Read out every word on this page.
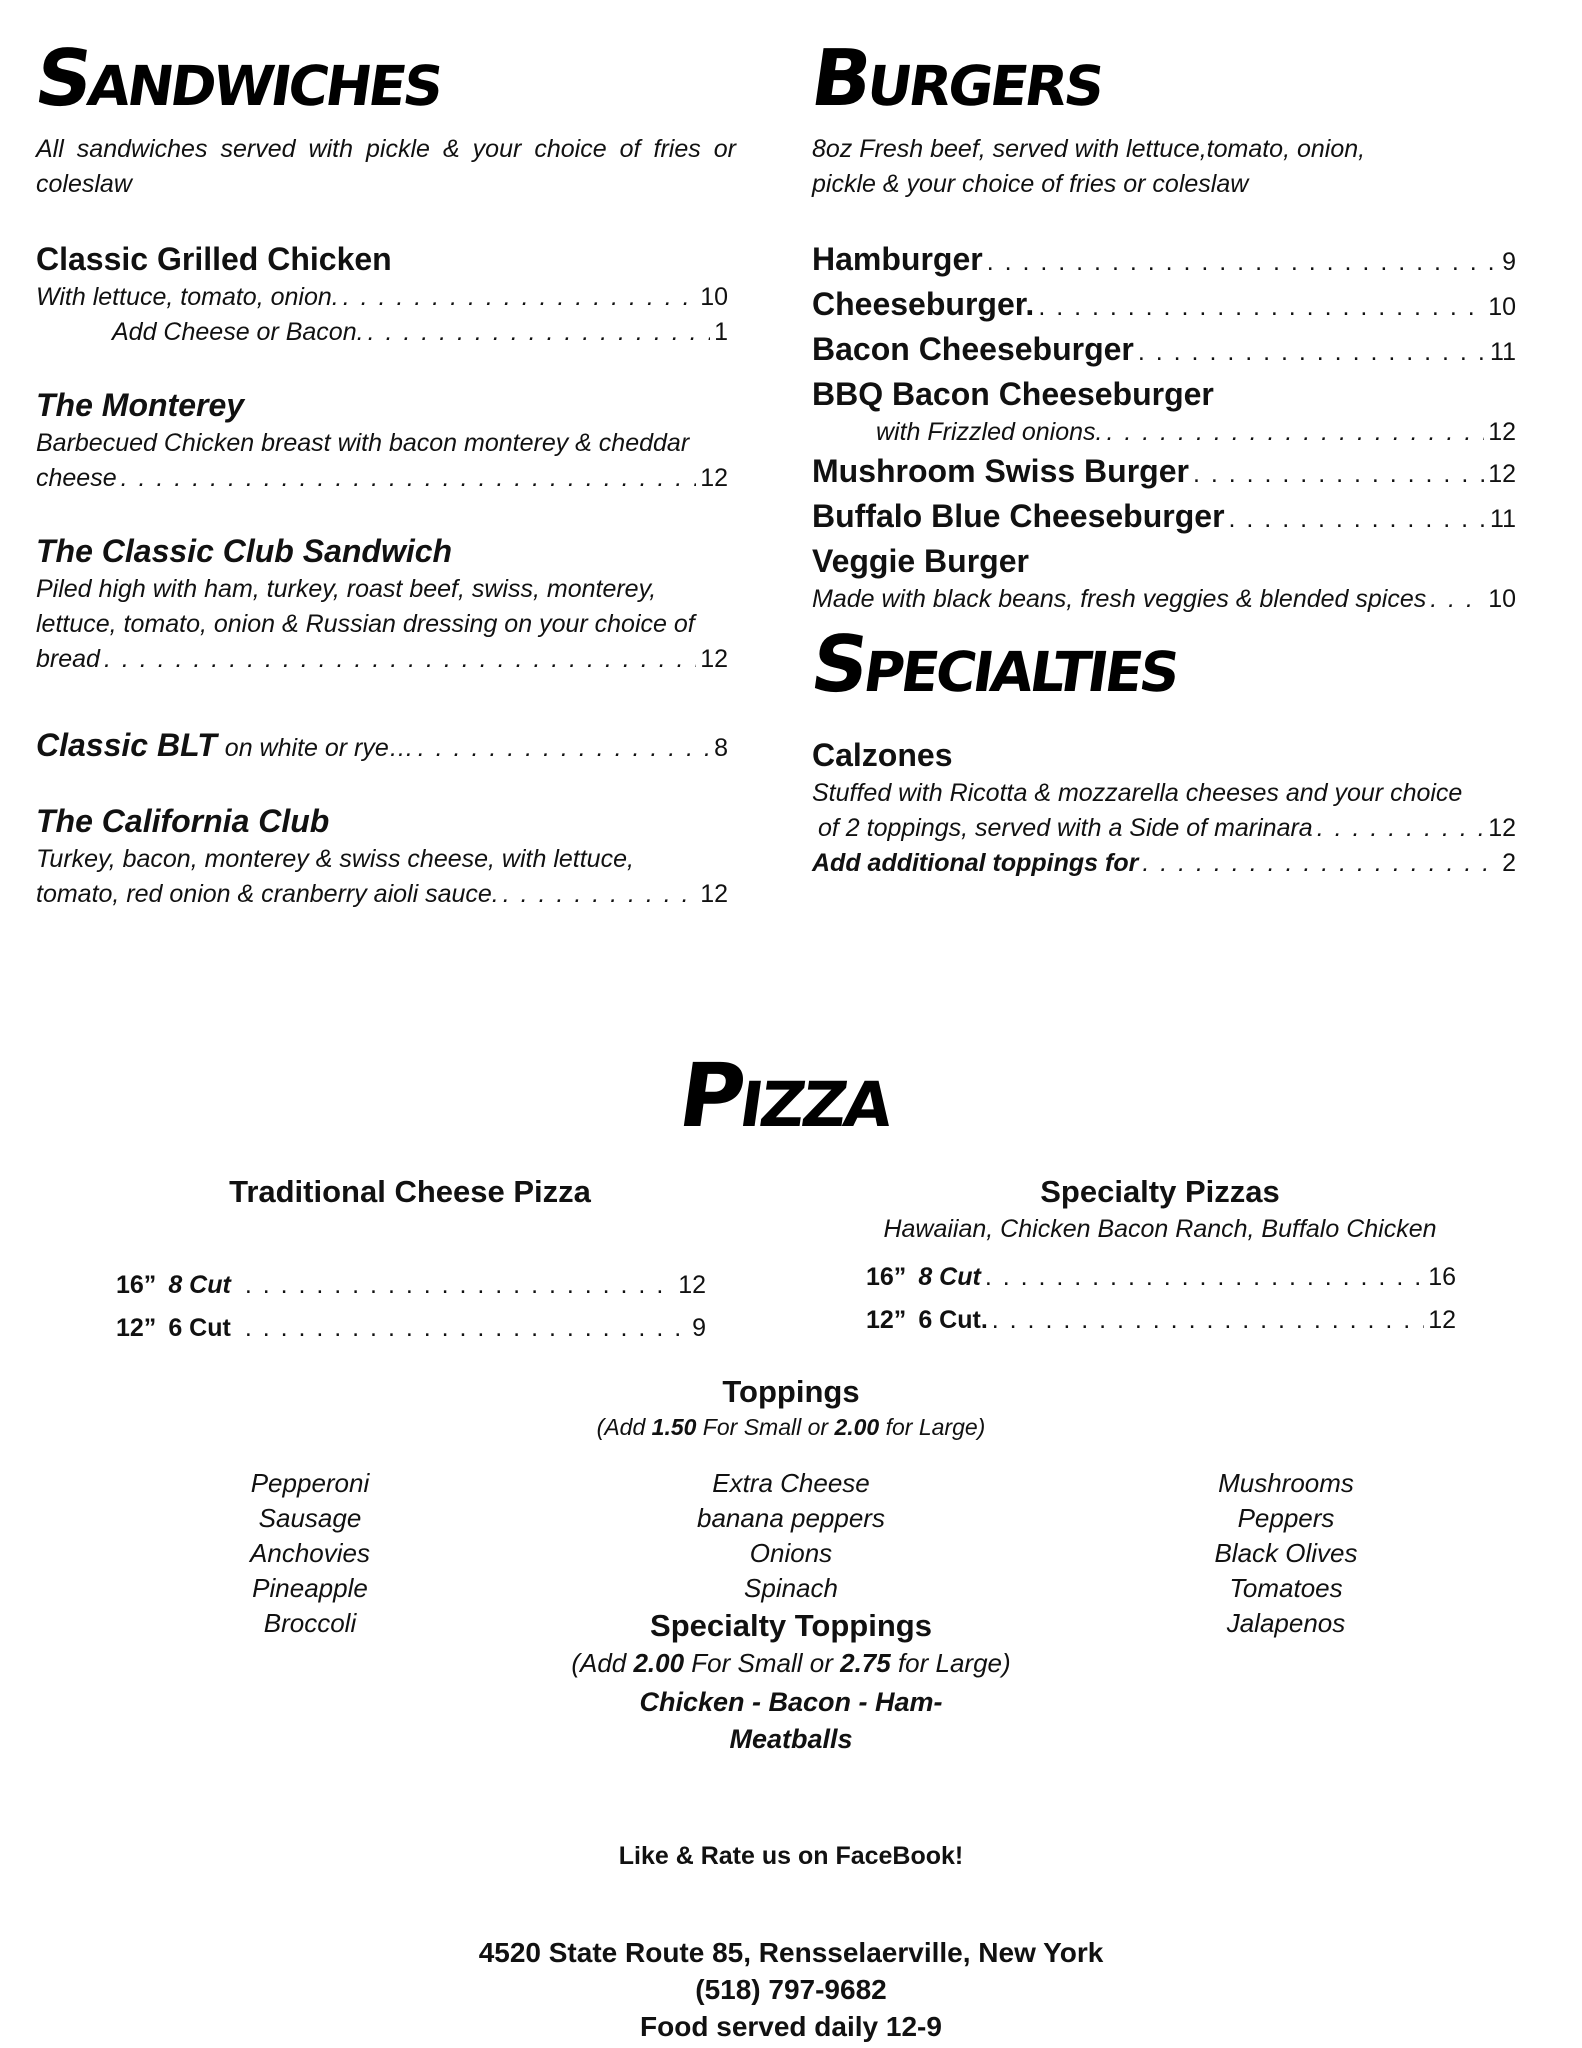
Sandwiches
All sandwiches served with pickle & your choice of fries or coleslaw
Classic Grilled Chicken
With lettuce, tomato, onion. . . .	10
Add Cheese or Bacon. . . .	1
The Monterey
Barbecued Chicken breast with bacon monterey & cheddar
cheese . . .	12
The Classic Club Sandwich
Piled high with ham, turkey, roast beef, swiss, monterey,
lettuce, tomato, onion & Russian dressing on your choice of
bread . . .	12
Classic BLT on white or rye… . . .	8
The California Club
Turkey, bacon, monterey & swiss cheese, with lettuce,
tomato, red onion & cranberry aioli sauce. . . .	12
Burgers
8oz Fresh beef, served with lettuce,tomato, onion,
pickle & your choice of fries or coleslaw
Hamburger . . .	9
Cheeseburger. . . .	10
Bacon Cheeseburger . . .	11
BBQ Bacon Cheeseburger
with Frizzled onions. . . .	12
Mushroom Swiss Burger . . .	12
Buffalo Blue Cheeseburger . . .	11
Veggie Burger
Made with black beans, fresh veggies & blended spices . . . 10
Specialties
Calzones
Stuffed with Ricotta & mozzarella cheeses and your choice
of 2 toppings, served with a Side of marinara . . .	12
Add additional toppings for . . .	2
Pizza
Traditional Cheese Pizza
16” 8 Cut . . .	12
12” 6 Cut . . .	9
Specialty Pizzas
Hawaiian, Chicken Bacon Ranch, Buffalo Chicken
16” 8 Cut . . .	16
12” 6 Cut. . . .	12
Toppings
(Add 1.50 For Small or 2.00 for Large)
Pepperoni
Sausage
Anchovies
Pineapple
Broccoli
Extra Cheese
banana peppers
Onions
Spinach
Mushrooms
Peppers
Black Olives
Tomatoes
Jalapenos
Specialty Toppings
(Add 2.00 For Small or 2.75 for Large)
Chicken - Bacon - Ham-
Meatballs
Like & Rate us on FaceBook!
4520 State Route 85, Rensselaerville, New York
(518) 797-9682
Food served daily 12-9
